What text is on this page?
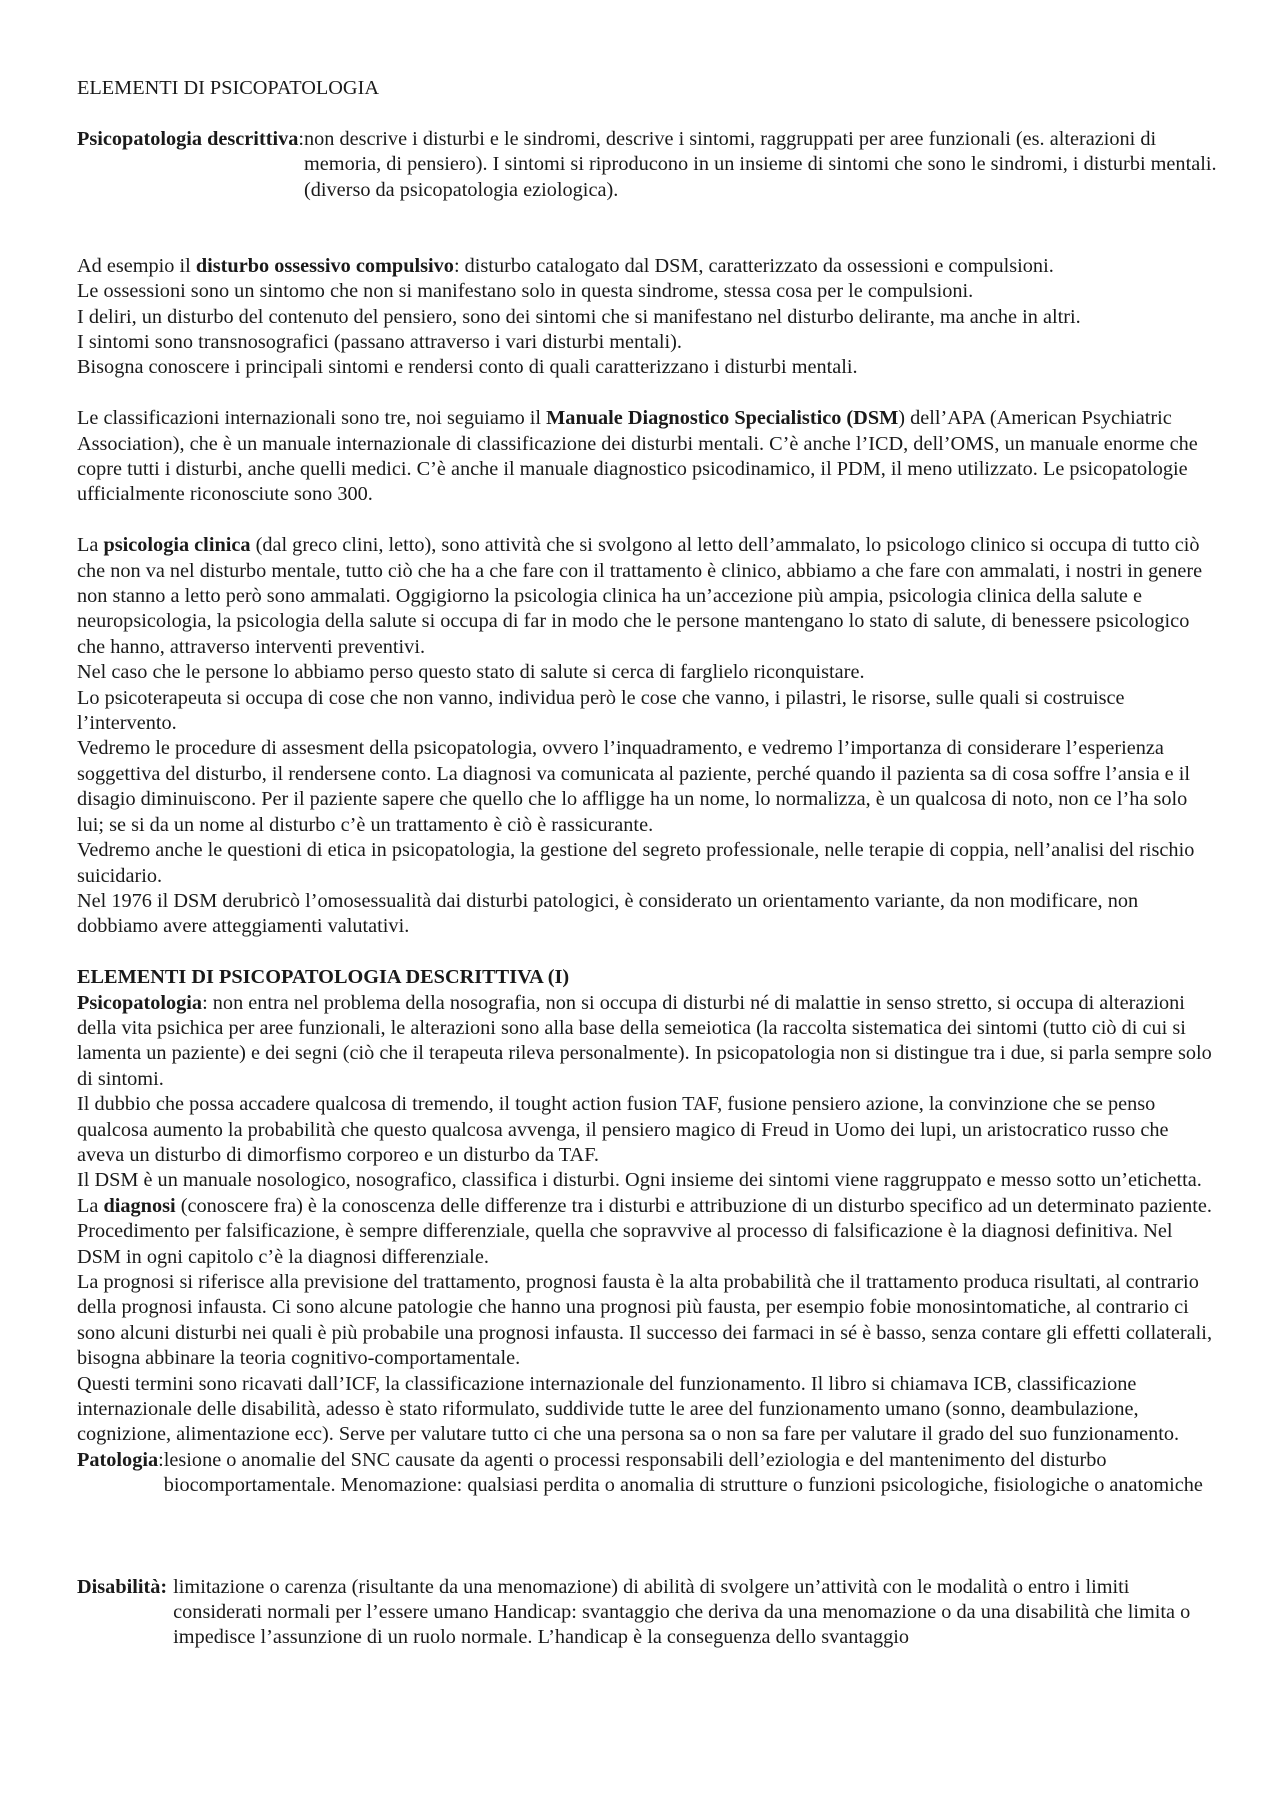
ELEMENTI DI PSICOPATOLOGIA

Psicopatologia descrittiva: non descrive i disturbi e le sindromi, descrive i sintomi, raggruppati per aree funzionali (es. alterazioni di memoria, di pensiero). I sintomi si riproducono in un insieme di sintomi che sono le sindromi, i disturbi mentali. (diverso da psicopatologia eziologica).

Ad esempio il disturbo ossessivo compulsivo: disturbo catalogato dal DSM, caratterizzato da ossessioni e compulsioni.

Le ossessioni sono un sintomo che non si manifestano solo in questa sindrome, stessa cosa per le compulsioni.

I deliri, un disturbo del contenuto del pensiero, sono dei sintomi che si manifestano nel disturbo delirante, ma anche in altri.

I sintomi sono transnosografici (passano attraverso i vari disturbi mentali).

Bisogna conoscere i principali sintomi e rendersi conto di quali caratterizzano i disturbi mentali.

Le classificazioni internazionali sono tre, noi seguiamo il Manuale Diagnostico Specialistico (DSM) dell’APA (American Psychiatric Association), che è un manuale internazionale di classificazione dei disturbi mentali. C’è anche l’ICD, dell’OMS, un manuale enorme che copre tutti i disturbi, anche quelli medici. C’è anche il manuale diagnostico psicodinamico, il PDM, il meno utilizzato. Le psicopatologie ufficialmente riconosciute sono 300.

La psicologia clinica (dal greco clini, letto), sono attività che si svolgono al letto dell’ammalato, lo psicologo clinico si occupa di tutto ciò che non va nel disturbo mentale, tutto ciò che ha a che fare con il trattamento è clinico, abbiamo a che fare con ammalati, i nostri in genere non stanno a letto però sono ammalati. Oggigiorno la psicologia clinica ha un’accezione più ampia, psicologia clinica della salute e neuropsicologia, la psicologia della salute si occupa di far in modo che le persone mantengano lo stato di salute, di benessere psicologico che hanno, attraverso interventi preventivi.

Nel caso che le persone lo abbiamo perso questo stato di salute si cerca di farglielo riconquistare.

Lo psicoterapeuta si occupa di cose che non vanno, individua però le cose che vanno, i pilastri, le risorse, sulle quali si costruisce l’intervento.

Vedremo le procedure di assesment della psicopatologia, ovvero l’inquadramento, e vedremo l’importanza di considerare l’esperienza soggettiva del disturbo, il rendersene conto. La diagnosi va comunicata al paziente, perché quando il pazienta sa di cosa soffre l’ansia e il disagio diminuiscono. Per il paziente sapere che quello che lo affligge ha un nome, lo normalizza, è un qualcosa di noto, non ce l’ha solo lui; se si da un nome al disturbo c’è un trattamento è ciò è rassicurante.

Vedremo anche le questioni di etica in psicopatologia, la gestione del segreto professionale, nelle terapie di coppia, nell’analisi del rischio suicidario.

Nel 1976 il DSM derubricò l’omosessualità dai disturbi patologici, è considerato un orientamento variante, da non modificare, non dobbiamo avere atteggiamenti valutativi.

ELEMENTI DI PSICOPATOLOGIA DESCRITTIVA (I)

Psicopatologia: non entra nel problema della nosografia, non si occupa di disturbi né di malattie in senso stretto, si occupa di alterazioni della vita psichica per aree funzionali, le alterazioni sono alla base della semeiotica (la raccolta sistematica dei sintomi (tutto ciò di cui si lamenta un paziente) e dei segni (ciò che il terapeuta rileva personalmente). In psicopatologia non si distingue tra i due, si parla sempre solo di sintomi.

Il dubbio che possa accadere qualcosa di tremendo, il tought action fusion TAF, fusione pensiero azione, la convinzione che se penso qualcosa aumento la probabilità che questo qualcosa avvenga, il pensiero magico di Freud in Uomo dei lupi, un aristocratico russo che aveva un disturbo di dimorfismo corporeo e un disturbo da TAF.

Il DSM è un manuale nosologico, nosografico, classifica i disturbi. Ogni insieme dei sintomi viene raggruppato e messo sotto un’etichetta.

La diagnosi (conoscere fra) è la conoscenza delle differenze tra i disturbi e attribuzione di un disturbo specifico ad un determinato paziente. Procedimento per falsificazione, è sempre differenziale, quella che sopravvive al processo di falsificazione è la diagnosi definitiva. Nel DSM in ogni capitolo c’è la diagnosi differenziale.

La prognosi si riferisce alla previsione del trattamento, prognosi fausta è la alta probabilità che il trattamento produca risultati, al contrario della prognosi infausta. Ci sono alcune patologie che hanno una prognosi più fausta, per esempio fobie monosintomatiche, al contrario ci sono alcuni disturbi nei quali è più probabile una prognosi infausta. Il successo dei farmaci in sé è basso, senza contare gli effetti collaterali, bisogna abbinare la teoria cognitivo-comportamentale.

Questi termini sono ricavati dall’ICF, la classificazione internazionale del funzionamento. Il libro si chiamava ICB, classificazione internazionale delle disabilità, adesso è stato riformulato, suddivide tutte le aree del funzionamento umano (sonno, deambulazione, cognizione, alimentazione ecc). Serve per valutare tutto ci che una persona sa o non sa fare per valutare il grado del suo funzionamento.

Patologia: lesione o anomalie del SNC causate da agenti o processi responsabili dell’eziologia e del mantenimento del disturbo biocomportamentale. Menomazione: qualsiasi perdita o anomalia di strutture o funzioni psicologiche, fisiologiche o anatomiche
Disabilità: limitazione o carenza (risultante da una menomazione) di abilità di svolgere un’attività con le modalità o entro i limiti considerati normali per l’essere umano Handicap: svantaggio che deriva da una menomazione o da una disabilità che limita o impedisce l’assunzione di un ruolo normale. L’handicap è la conseguenza dello svantaggio
